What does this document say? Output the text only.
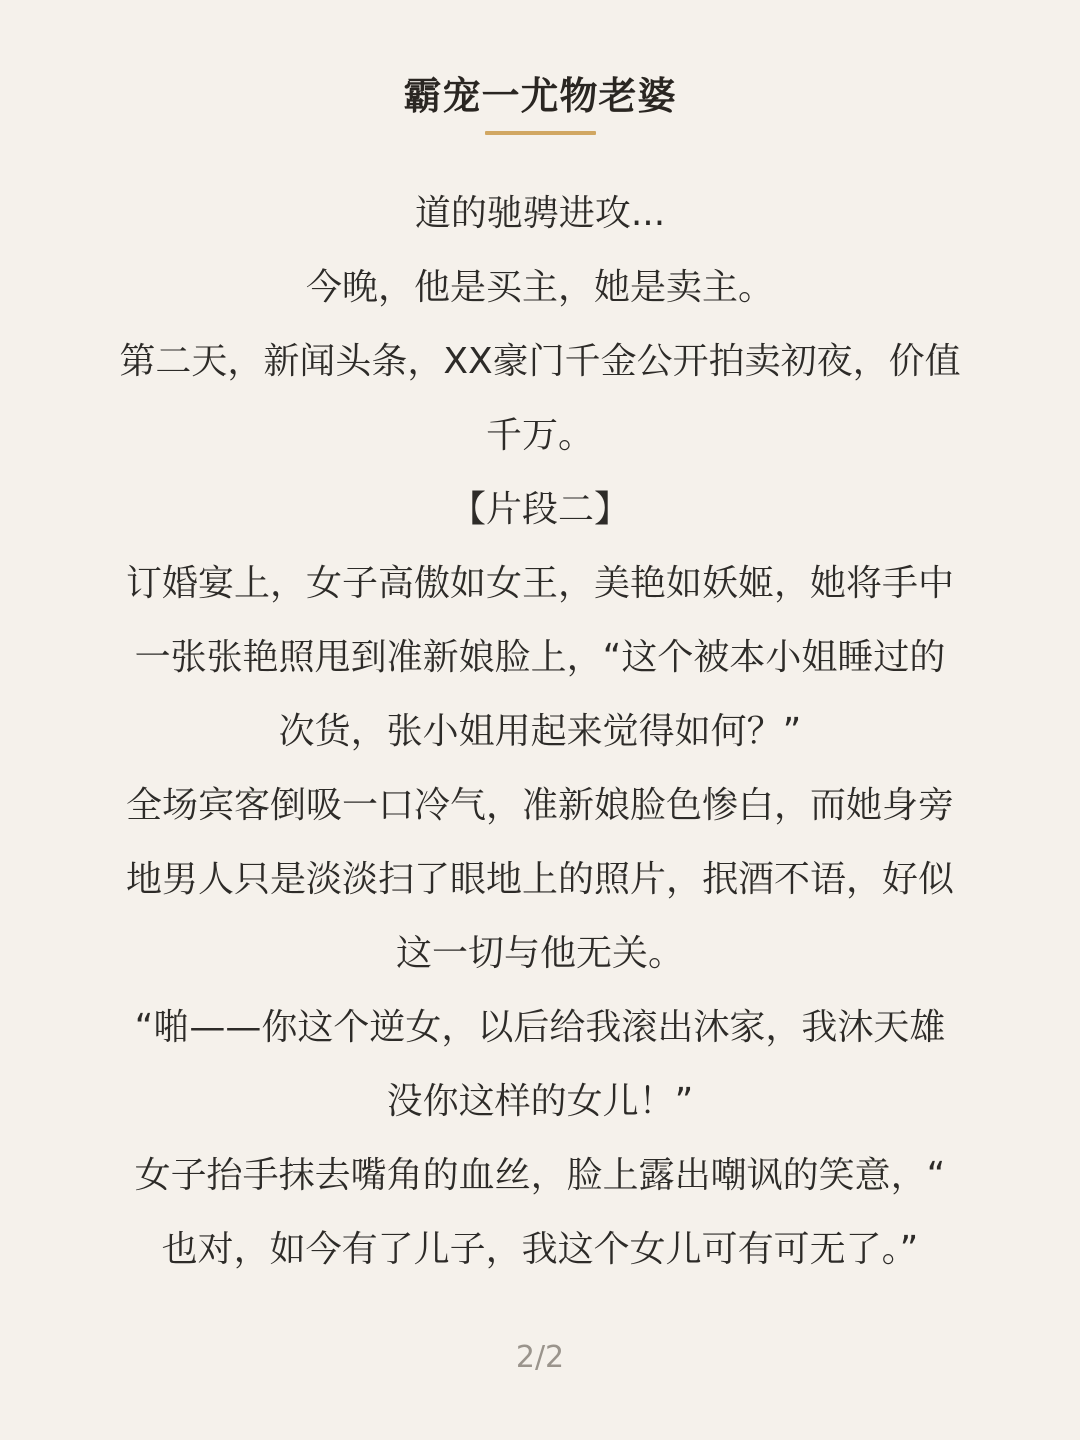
霸宠一尤物老婆
道的驰骋进攻...
今晚，他是买主，她是卖主。
第二天，新闻头条，XX豪门千金公开拍卖初夜，价值
千万。
【片段二】
订婚宴上，女子高傲如女王，美艳如妖姬，她将手中
一张张艳照甩到准新娘脸上，“这个被本小姐睡过的
次货，张小姐用起来觉得如何？”
全场宾客倒吸一口冷气，准新娘脸色惨白，而她身旁
地男人只是淡淡扫了眼地上的照片，抿酒不语，好似
这一切与他无关。
“啪——你这个逆女，以后给我滚出沐家，我沐天雄
没你这样的女儿！”
女子抬手抹去嘴角的血丝，脸上露出嘲讽的笑意，“
也对，如今有了儿子，我这个女儿可有可无了。”
2/2
